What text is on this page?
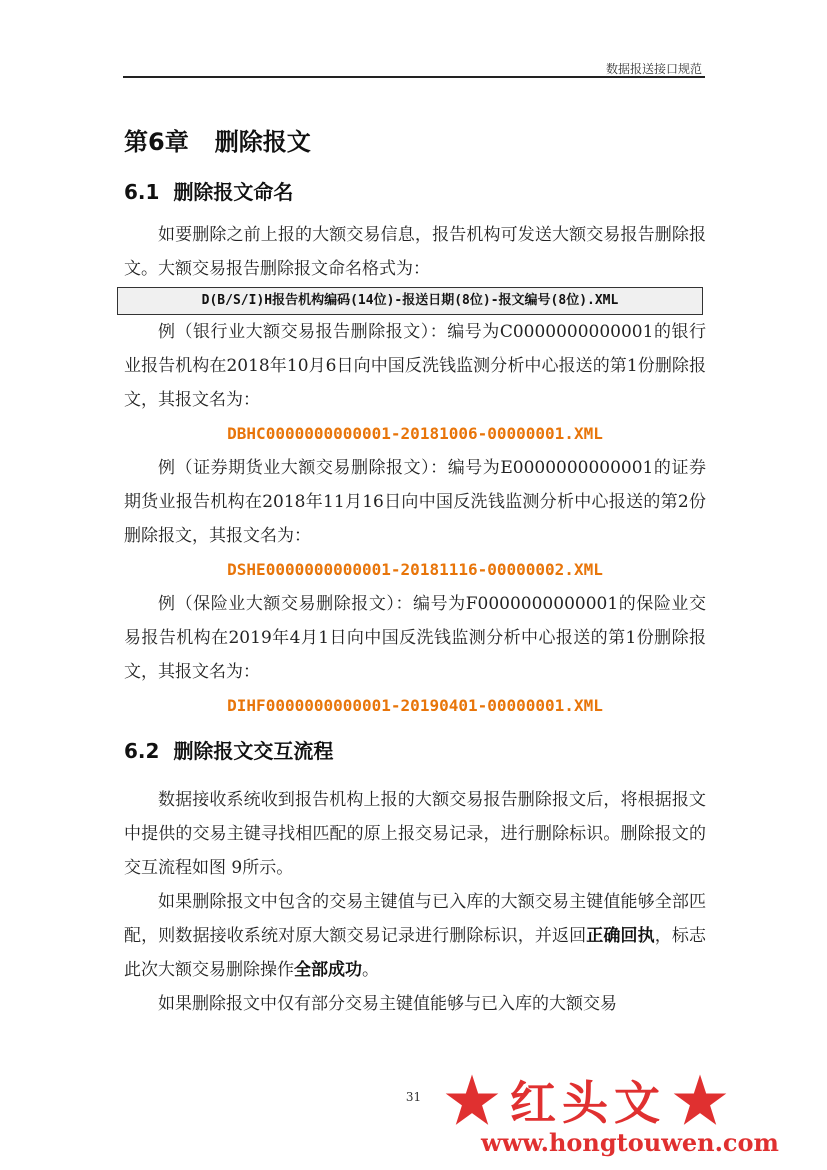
数据报送接口规范
第6章 删除报文
6.1 删除报文命名

如要删除之前上报的大额交易信息，报告机构可发送大额交易报告删除报文。大额交易报告删除报文命名格式为：

D(B/S/I)H报告机构编码(14位)-报送日期(8位)-报文编号(8位).XML

例（银行业大额交易报告删除报文）：编号为C0000000000001的银行业报告机构在2018年10月6日向中国反洗钱监测分析中心报送的第1份删除报文，其报文名为：

DBHC0000000000001-20181006-00000001.XML

例（证券期货业大额交易删除报文）：编号为E0000000000001的证券期货业报告机构在2018年11月16日向中国反洗钱监测分析中心报送的第2份删除报文，其报文名为：

DSHE0000000000001-20181116-00000002.XML

例（保险业大额交易删除报文）：编号为F0000000000001的保险业交易报告机构在2019年4月1日向中国反洗钱监测分析中心报送的第1份删除报文，其报文名为：

DIHF0000000000001-20190401-00000001.XML
6.2 删除报文交互流程

数据接收系统收到报告机构上报的大额交易报告删除报文后，将根据报文中提供的交易主键寻找相匹配的原上报交易记录，进行删除标识。删除报文的交互流程如图 9所示。

如果删除报文中包含的交易主键值与已入库的大额交易主键值能够全部匹配，则数据接收系统对原大额交易记录进行删除标识，并返回正确回执，标志此次大额交易删除操作全部成功。

如果删除报文中仅有部分交易主键值能够与已入库的大额交易

31	红头文
www.hongtouwen.com
